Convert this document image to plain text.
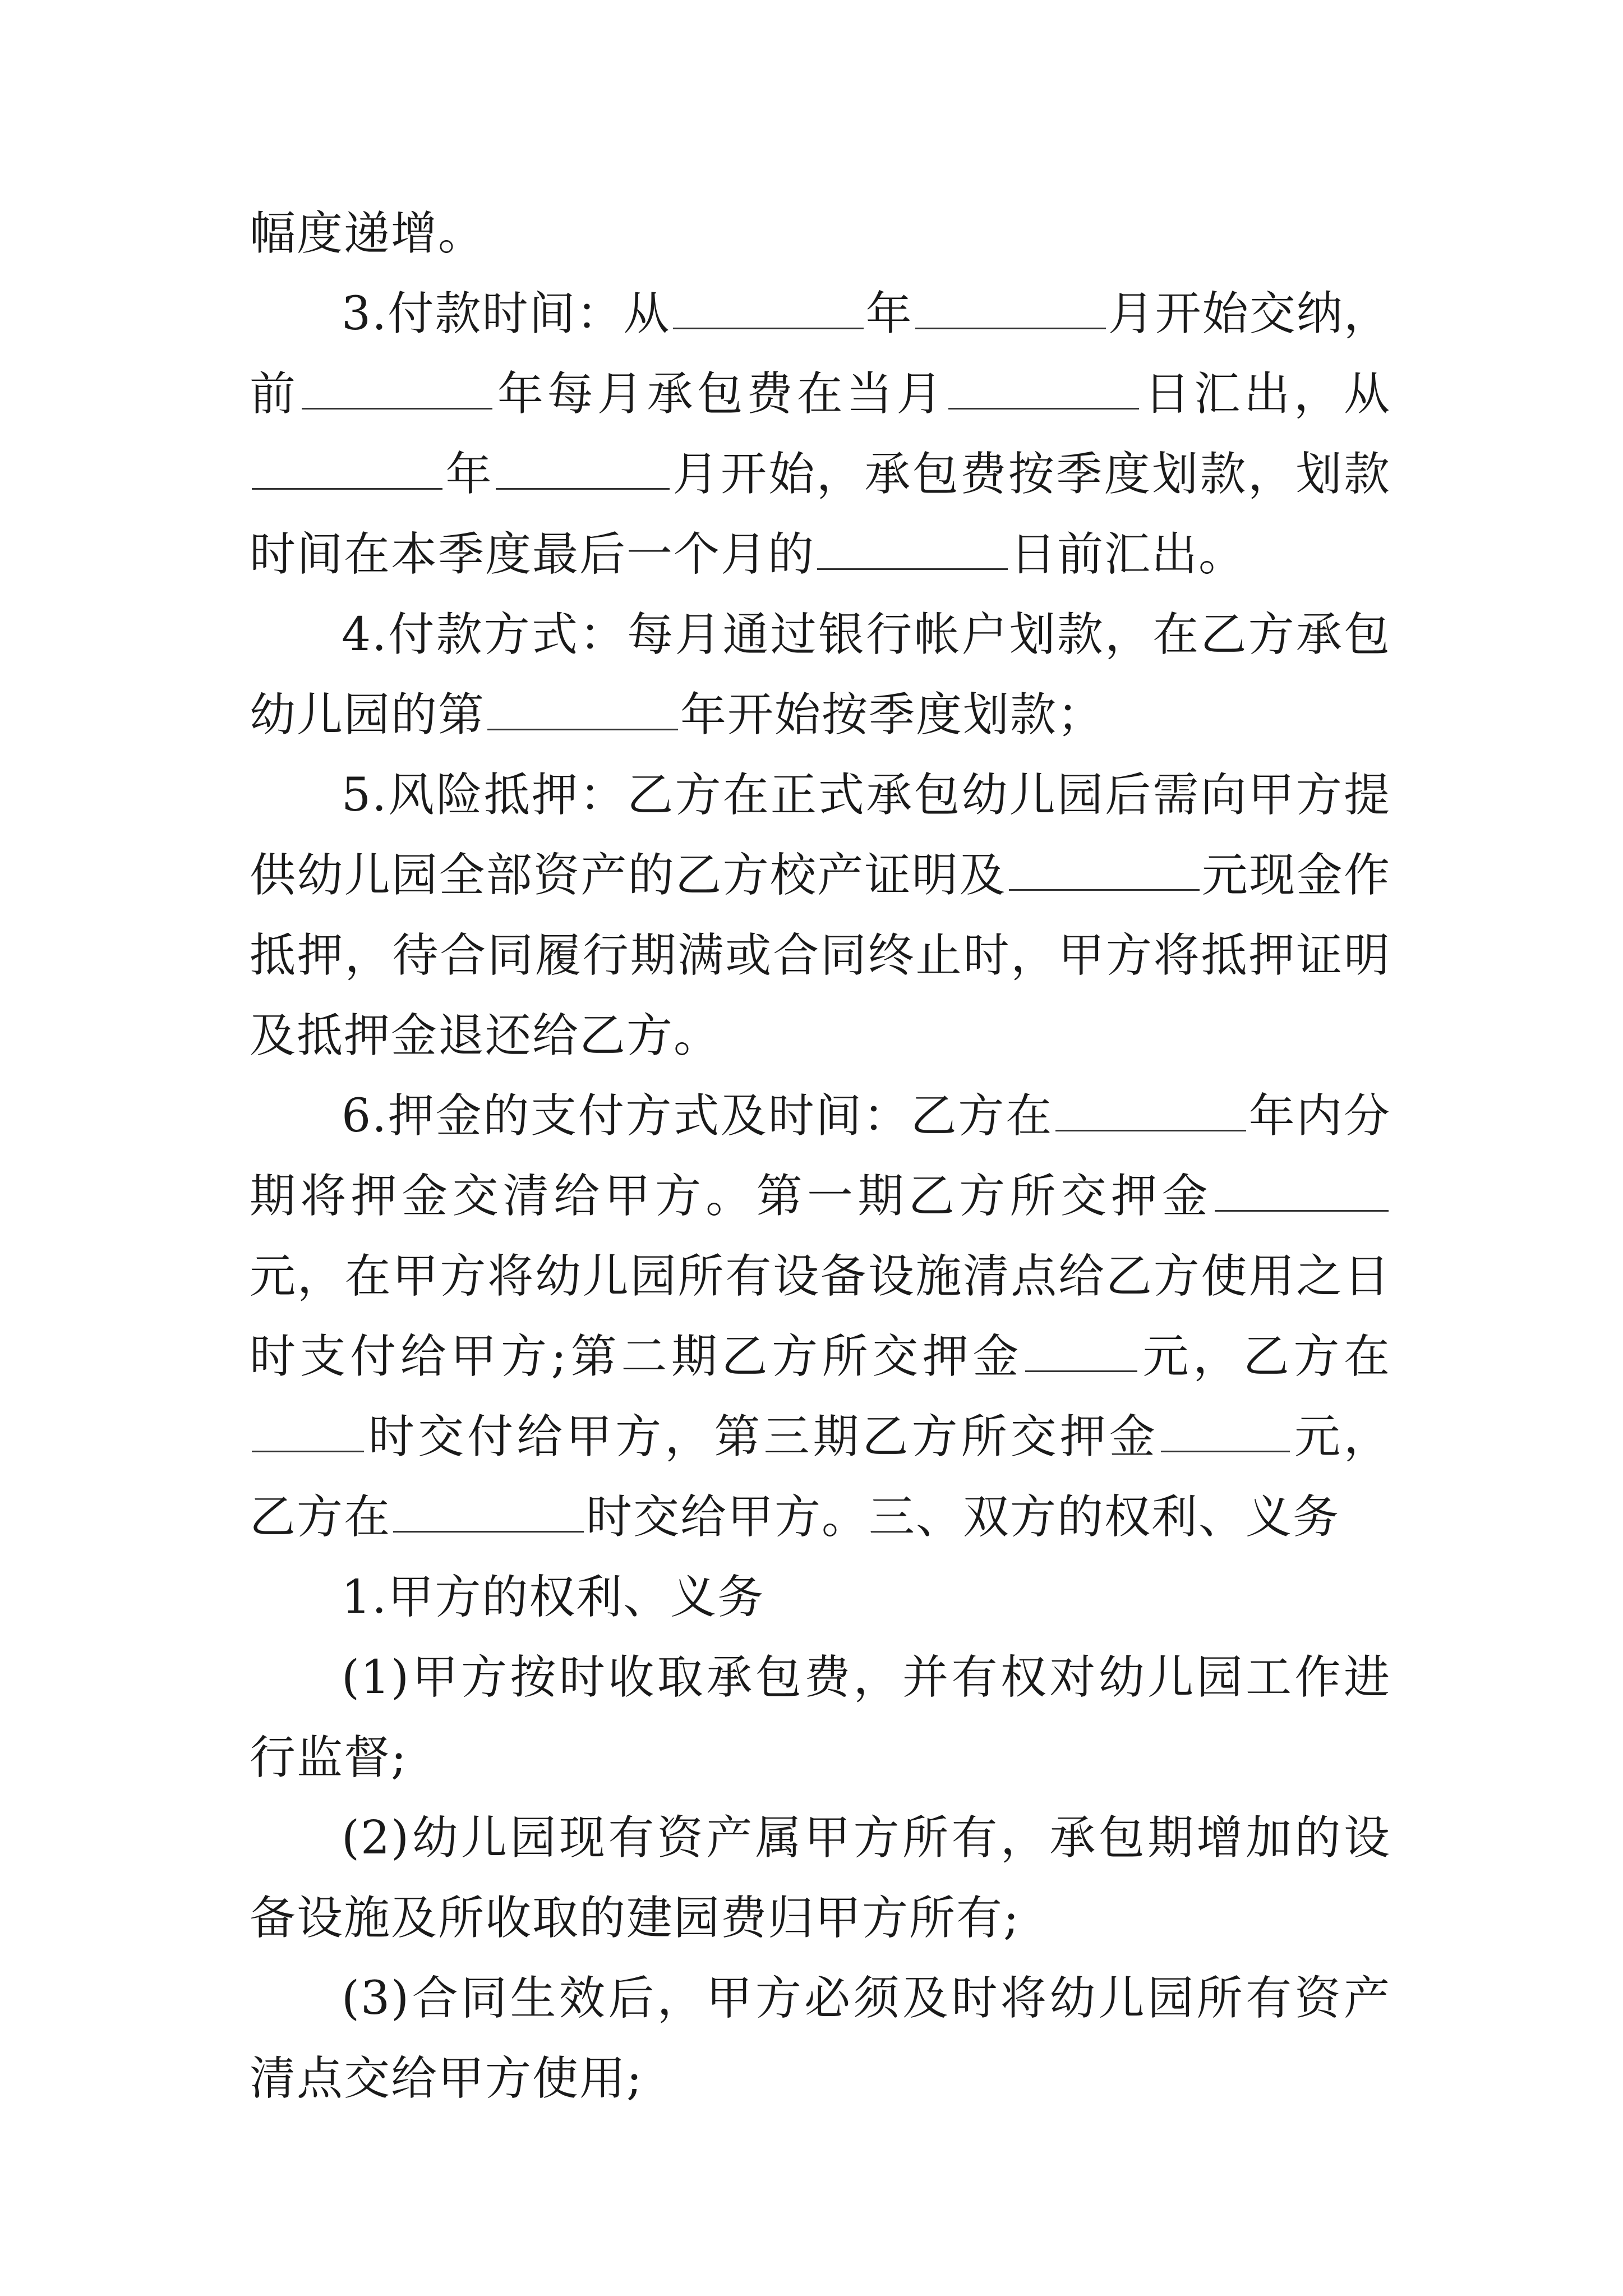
幅度递增。

3.付款时间：从	年	月开始交纳，前	年每月承包费在当月	日汇出，从年	月开始，承包费按季度划款，划款时间在本季度最后一个月的	日前汇出。

4.付款方式：每月通过银行帐户划款，在乙方承包幼儿园的第	年开始按季度划款；

5.风险抵押：乙方在正式承包幼儿园后需向甲方提供幼儿园全部资产的乙方校产证明及	元现金作抵押，待合同履行期满或合同终止时，甲方将抵押证明及抵押金退还给乙方。

6.押金的支付方式及时间：乙方在	年内分期将押金交清给甲方。第一期乙方所交押金元，在甲方将幼儿园所有设备设施清点给乙方使用之日时支付给甲方;第二期乙方所交押金	元，乙方在时交付给甲方，第三期乙方所交押金	元，乙方在	时交给甲方。三、双方的权利、义务

1.甲方的权利、义务

(1)甲方按时收取承包费，并有权对幼儿园工作进行监督;

(2)幼儿园现有资产属甲方所有，承包期增加的设备设施及所收取的建园费归甲方所有;

(3)合同生效后，甲方必须及时将幼儿园所有资产清点交给甲方使用;
